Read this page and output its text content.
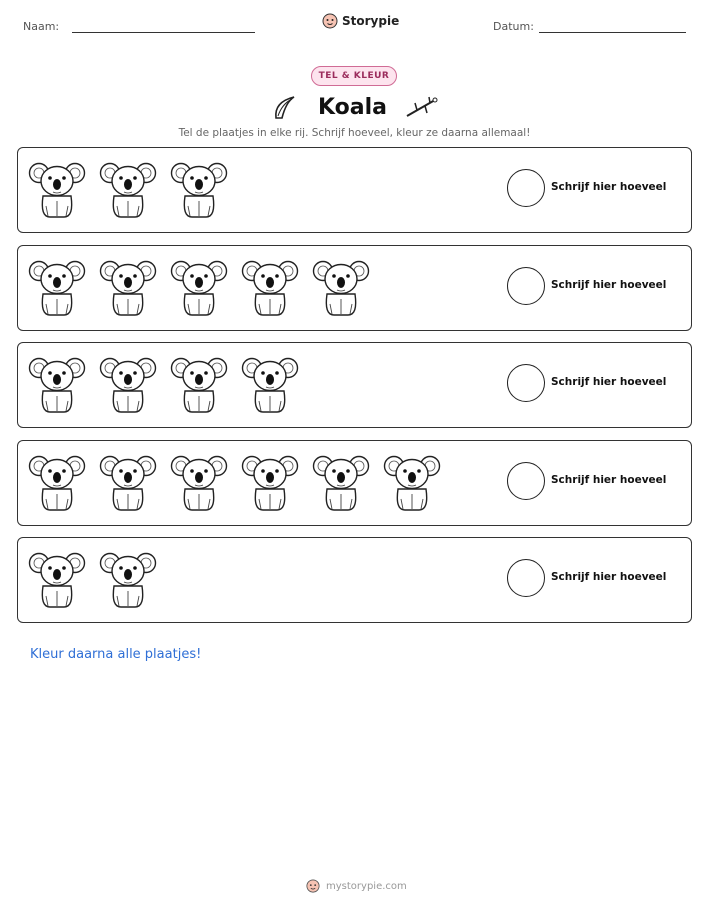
Naam:	Storypie	Datum:
TEL & KLEUR
Koala
Tel de plaatjes in elke rij. Schrijf hoeveel, kleur ze daarna allemaal!
Schrijf hier hoeveel
Schrijf hier hoeveel
Schrijf hier hoeveel
Schrijf hier hoeveel
Schrijf hier hoeveel
Kleur daarna alle plaatjes!
mystorypie.com
